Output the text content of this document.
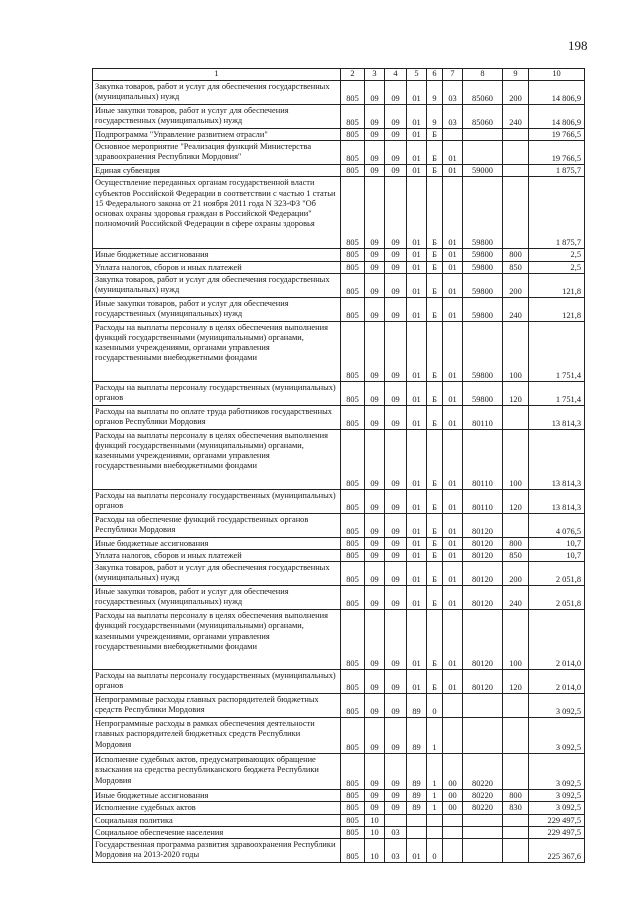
198
1	2	3	4	5	6	7	8	9	10
Закупка товаров, работ и услуг для обеспечения государственных (муниципальных) нужд	805	09	09	01	9	03	85060	200	14 806,9
Иные закупки товаров, работ и услуг для обеспечения государственных (муниципальных) нужд	805	09	09	01	9	03	85060	240	14 806,9
Подпрограмма "Управление развитием отрасли"	805	09	09	01	Б				19 766,5
Основное мероприятие "Реализация функций Министерства здравоохранения Республики Мордовия"	805	09	09	01	Б	01			19 766,5
Единая субвенция	805	09	09	01	Б	01	59000		1 875,7
Осуществление переданных органам государственной власти субъектов Российской Федерации в соответствии с частью 1 статьи 15 Федерального закона от 21 ноября 2011 года N 323-ФЗ "Об основах охраны здоровья граждан в Российской Федерации" полномочий Российской Федерации в сфере охраны здоровья	805	09	09	01	Б	01	59800		1 875,7
Иные бюджетные ассигнования	805	09	09	01	Б	01	59800	800	2,5
Уплата налогов, сборов и иных платежей	805	09	09	01	Б	01	59800	850	2,5
Закупка товаров, работ и услуг для обеспечения государственных (муниципальных) нужд	805	09	09	01	Б	01	59800	200	121,8
Иные закупки товаров, работ и услуг для обеспечения государственных (муниципальных) нужд	805	09	09	01	Б	01	59800	240	121,8
Расходы на выплаты персоналу в целях обеспечения выполнения функций государственными (муниципальными) органами, казенными учреждениями, органами управления государственными внебюджетными фондами	805	09	09	01	Б	01	59800	100	1 751,4
Расходы на выплаты персоналу государственных (муниципальных) органов	805	09	09	01	Б	01	59800	120	1 751,4
Расходы на выплаты по оплате труда работников государственных органов Республики Мордовия	805	09	09	01	Б	01	80110		13 814,3
Расходы на выплаты персоналу в целях обеспечения выполнения функций государственными (муниципальными) органами, казенными учреждениями, органами управления государственными внебюджетными фондами	805	09	09	01	Б	01	80110	100	13 814,3
Расходы на выплаты персоналу государственных (муниципальных) органов	805	09	09	01	Б	01	80110	120	13 814,3
Расходы на обеспечение функций государственных органов Республики Мордовия	805	09	09	01	Б	01	80120		4 076,5
Иные бюджетные ассигнования	805	09	09	01	Б	01	80120	800	10,7
Уплата налогов, сборов и иных платежей	805	09	09	01	Б	01	80120	850	10,7
Закупка товаров, работ и услуг для обеспечения государственных (муниципальных) нужд	805	09	09	01	Б	01	80120	200	2 051,8
Иные закупки товаров, работ и услуг для обеспечения государственных (муниципальных) нужд	805	09	09	01	Б	01	80120	240	2 051,8
Расходы на выплаты персоналу в целях обеспечения выполнения функций государственными (муниципальными) органами, казенными учреждениями, органами управления государственными внебюджетными фондами	805	09	09	01	Б	01	80120	100	2 014,0
Расходы на выплаты персоналу государственных (муниципальных) органов	805	09	09	01	Б	01	80120	120	2 014,0
Непрограммные расходы главных распорядителей бюджетных средств Республики Мордовия	805	09	09	89	0				3 092,5
Непрограммные расходы в рамках обеспечения деятельности главных распорядителей бюджетных средств Республики Мордовия	805	09	09	89	1				3 092,5
Исполнение судебных актов, предусматривающих обращение взыскания на средства республиканского бюджета Республики Мордовия	805	09	09	89	1	00	80220		3 092,5
Иные бюджетные ассигнования	805	09	09	89	1	00	80220	800	3 092,5
Исполнение судебных актов	805	09	09	89	1	00	80220	830	3 092,5
Социальная политика	805	10							229 497,5
Социальное обеспечение населения	805	10	03						229 497,5
Государственная программа развития здравоохранения Республики Мордовия на 2013-2020 годы	805	10	03	01	0				225 367,6
